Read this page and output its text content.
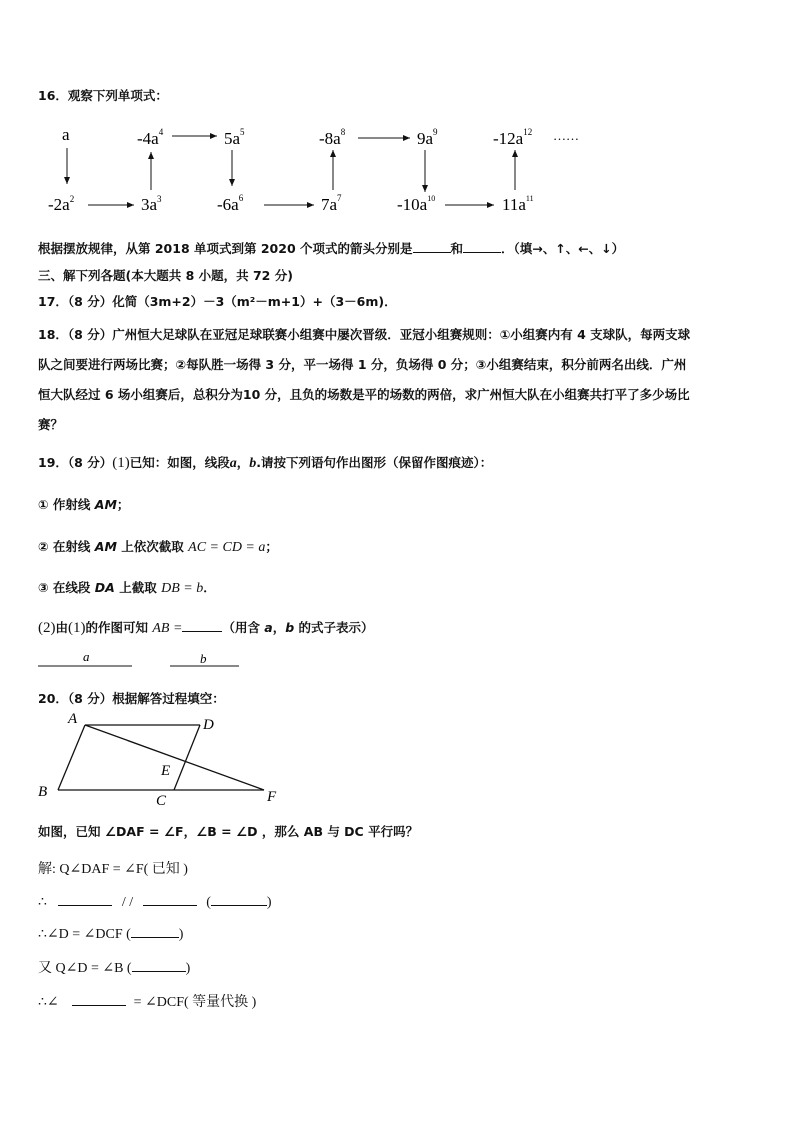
16．观察下列单项式：
a
$-2a^2$	$3a^3$
$-4a^4$	$5a^5$
$-6a^6$	$7a^7$
$-8a^8$	$9a^9$
$-10a^{10}$	$11a^{11}$
$-12a^{12}$ ……
根据摆放规律，从第 2018 单项式到第 2020 个项式的箭头分别是	和	．（填→、↑、←、↓）
三、解下列各题(本大题共 8 小题，共 72 分)
17．（8 分）化简（3m+2）－3（m²－m+1）+（3－6m)．
18．（8 分）广州恒大足球队在亚冠足球联赛小组赛中屡次晋级．亚冠小组赛规则：①小组赛内有 4 支球队，每两支球
队之间要进行两场比赛；②每队胜一场得 3 分，平一场得 1 分，负场得 0 分；③小组赛结束，积分前两名出线．广州
恒大队经过 6 场小组赛后，总积分为10 分，且负的场数是平的场数的两倍，求广州恒大队在小组赛共打平了多少场比
赛？
19．（8 分）(1)已知：如图，线段a，b.请按下列语句作出图形（保留作图痕迹）：
① 作射线 AM；
② 在射线 AM 上依次截取 AC = CD = a；
③ 在线段 DA 上截取 DB = b．
(2)由(1)的作图可知 AB =	（用含 a，b 的式子表示）
a	b
20．（8 分）根据解答过程填空：
A	D
E
B
C	F
如图，已知 ∠DAF = ∠F，∠B = ∠D ，那么 AB 与 DC 平行吗？
解: Q∠DAF = ∠F( 已知 )
∴	/ /	(	)
∴∠D = ∠DCF (	)
又 Q∠D = ∠B (	)
∴∠	= ∠DCF( 等量代换 )
